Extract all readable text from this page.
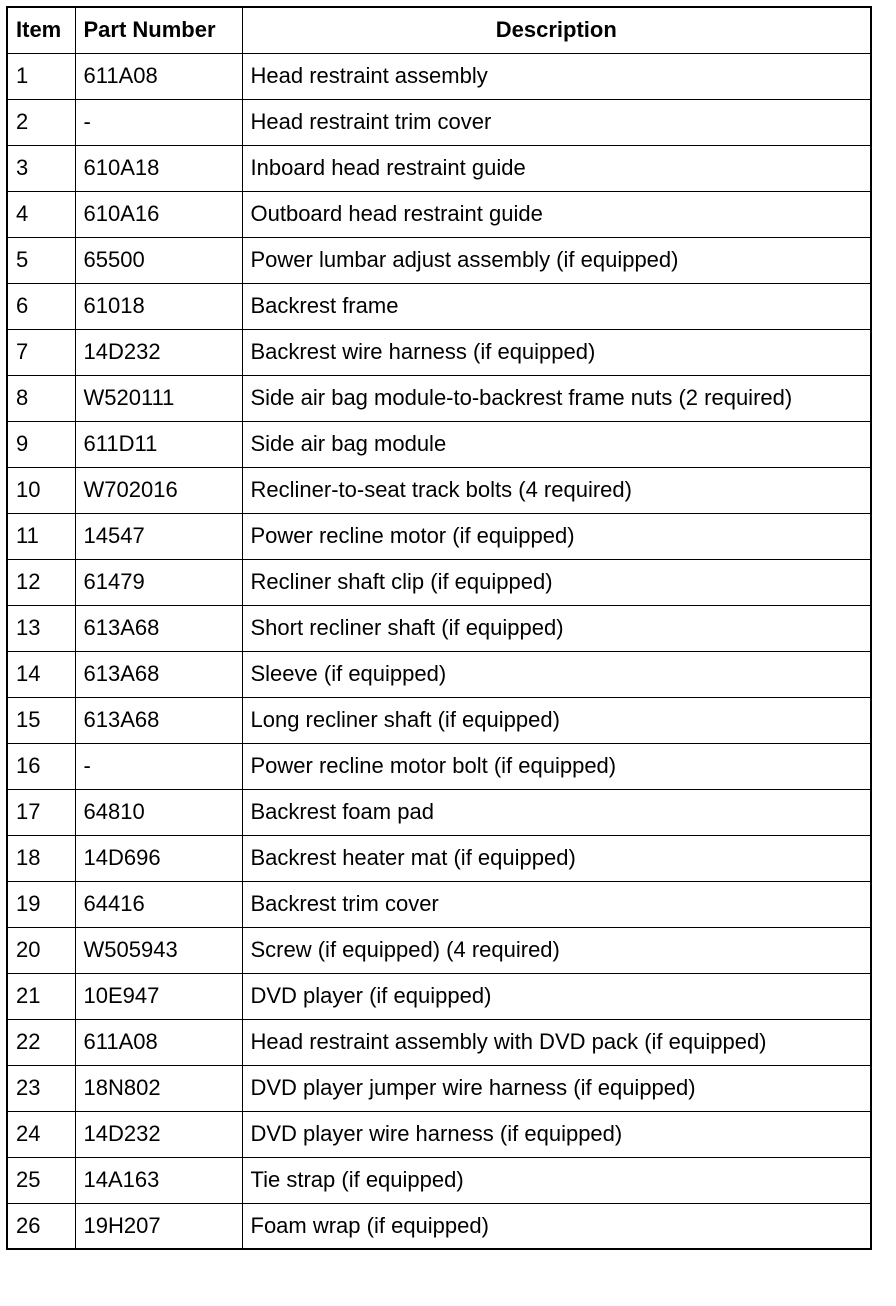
Item	Part Number	Description
1	611A08	Head restraint assembly
2	-	Head restraint trim cover
3	610A18	Inboard head restraint guide
4	610A16	Outboard head restraint guide
5	65500	Power lumbar adjust assembly (if equipped)
6	61018	Backrest frame
7	14D232	Backrest wire harness (if equipped)
8	W520111	Side air bag module-to-backrest frame nuts (2 required)
9	611D11	Side air bag module
10	W702016	Recliner-to-seat track bolts (4 required)
11	14547	Power recline motor (if equipped)
12	61479	Recliner shaft clip (if equipped)
13	613A68	Short recliner shaft (if equipped)
14	613A68	Sleeve (if equipped)
15	613A68	Long recliner shaft (if equipped)
16	-	Power recline motor bolt (if equipped)
17	64810	Backrest foam pad
18	14D696	Backrest heater mat (if equipped)
19	64416	Backrest trim cover
20	W505943	Screw (if equipped) (4 required)
21	10E947	DVD player (if equipped)
22	611A08	Head restraint assembly with DVD pack (if equipped)
23	18N802	DVD player jumper wire harness (if equipped)
24	14D232	DVD player wire harness (if equipped)
25	14A163	Tie strap (if equipped)
26	19H207	Foam wrap (if equipped)
